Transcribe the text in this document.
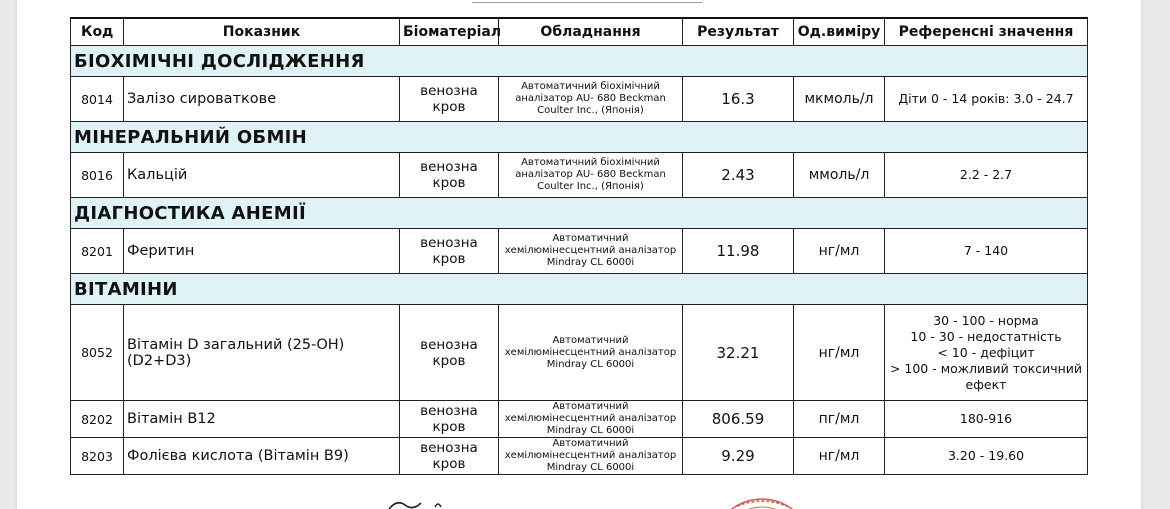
Код	Показник	Біоматеріал	Обладнання	Результат	Од.виміру	Референсні значення
БІОХІМІЧНІ ДОСЛІДЖЕННЯ						
8014	Залізо сироваткове	венозна кров	Автоматичний біохімічний
аналізатор AU- 680 Beckman
Coulter Inc., (Японія)	16.3	мкмоль/л	Діти 0 - 14 років: 3.0 - 24.7

МІНЕРАЛЬНИЙ ОБМІН						
8016	Кальцій	венозна кров	Автоматичний біохімічний
аналізатор AU- 680 Beckman
Coulter Inc., (Японія)	2.43	ммоль/л	2.2 - 2.7

ДІАГНОСТИКА АНЕМІЇ						
8201	Феритин	венозна кров	Автоматичний
хемілюмінесцентний аналізатор
Mindray CL 6000i	11.98	нг/мл	7 - 140

ВІТАМІНИ						
8052	Вітамін D загальний (25-OH)(D2+D3)	венозна кров	Автоматичний
хемілюмінесцентний аналізатор
Mindray CL 6000i	32.21	нг/мл	30 - 100 - норма
10 - 30 - недостатність
< 10 - дефіцит
> 100 - можливий токсичний
ефект

8202	Вітамін B12	венозна кров	Автоматичний
хемілюмінесцентний аналізатор
Mindray CL 6000i	806.59	пг/мл	180-916

8203	Фолієва кислота (Вітамін B9)	венозна кров	Автоматичний
хемілюмінесцентний аналізатор
Mindray CL 6000i	9.29	нг/мл	3.20 - 19.60
